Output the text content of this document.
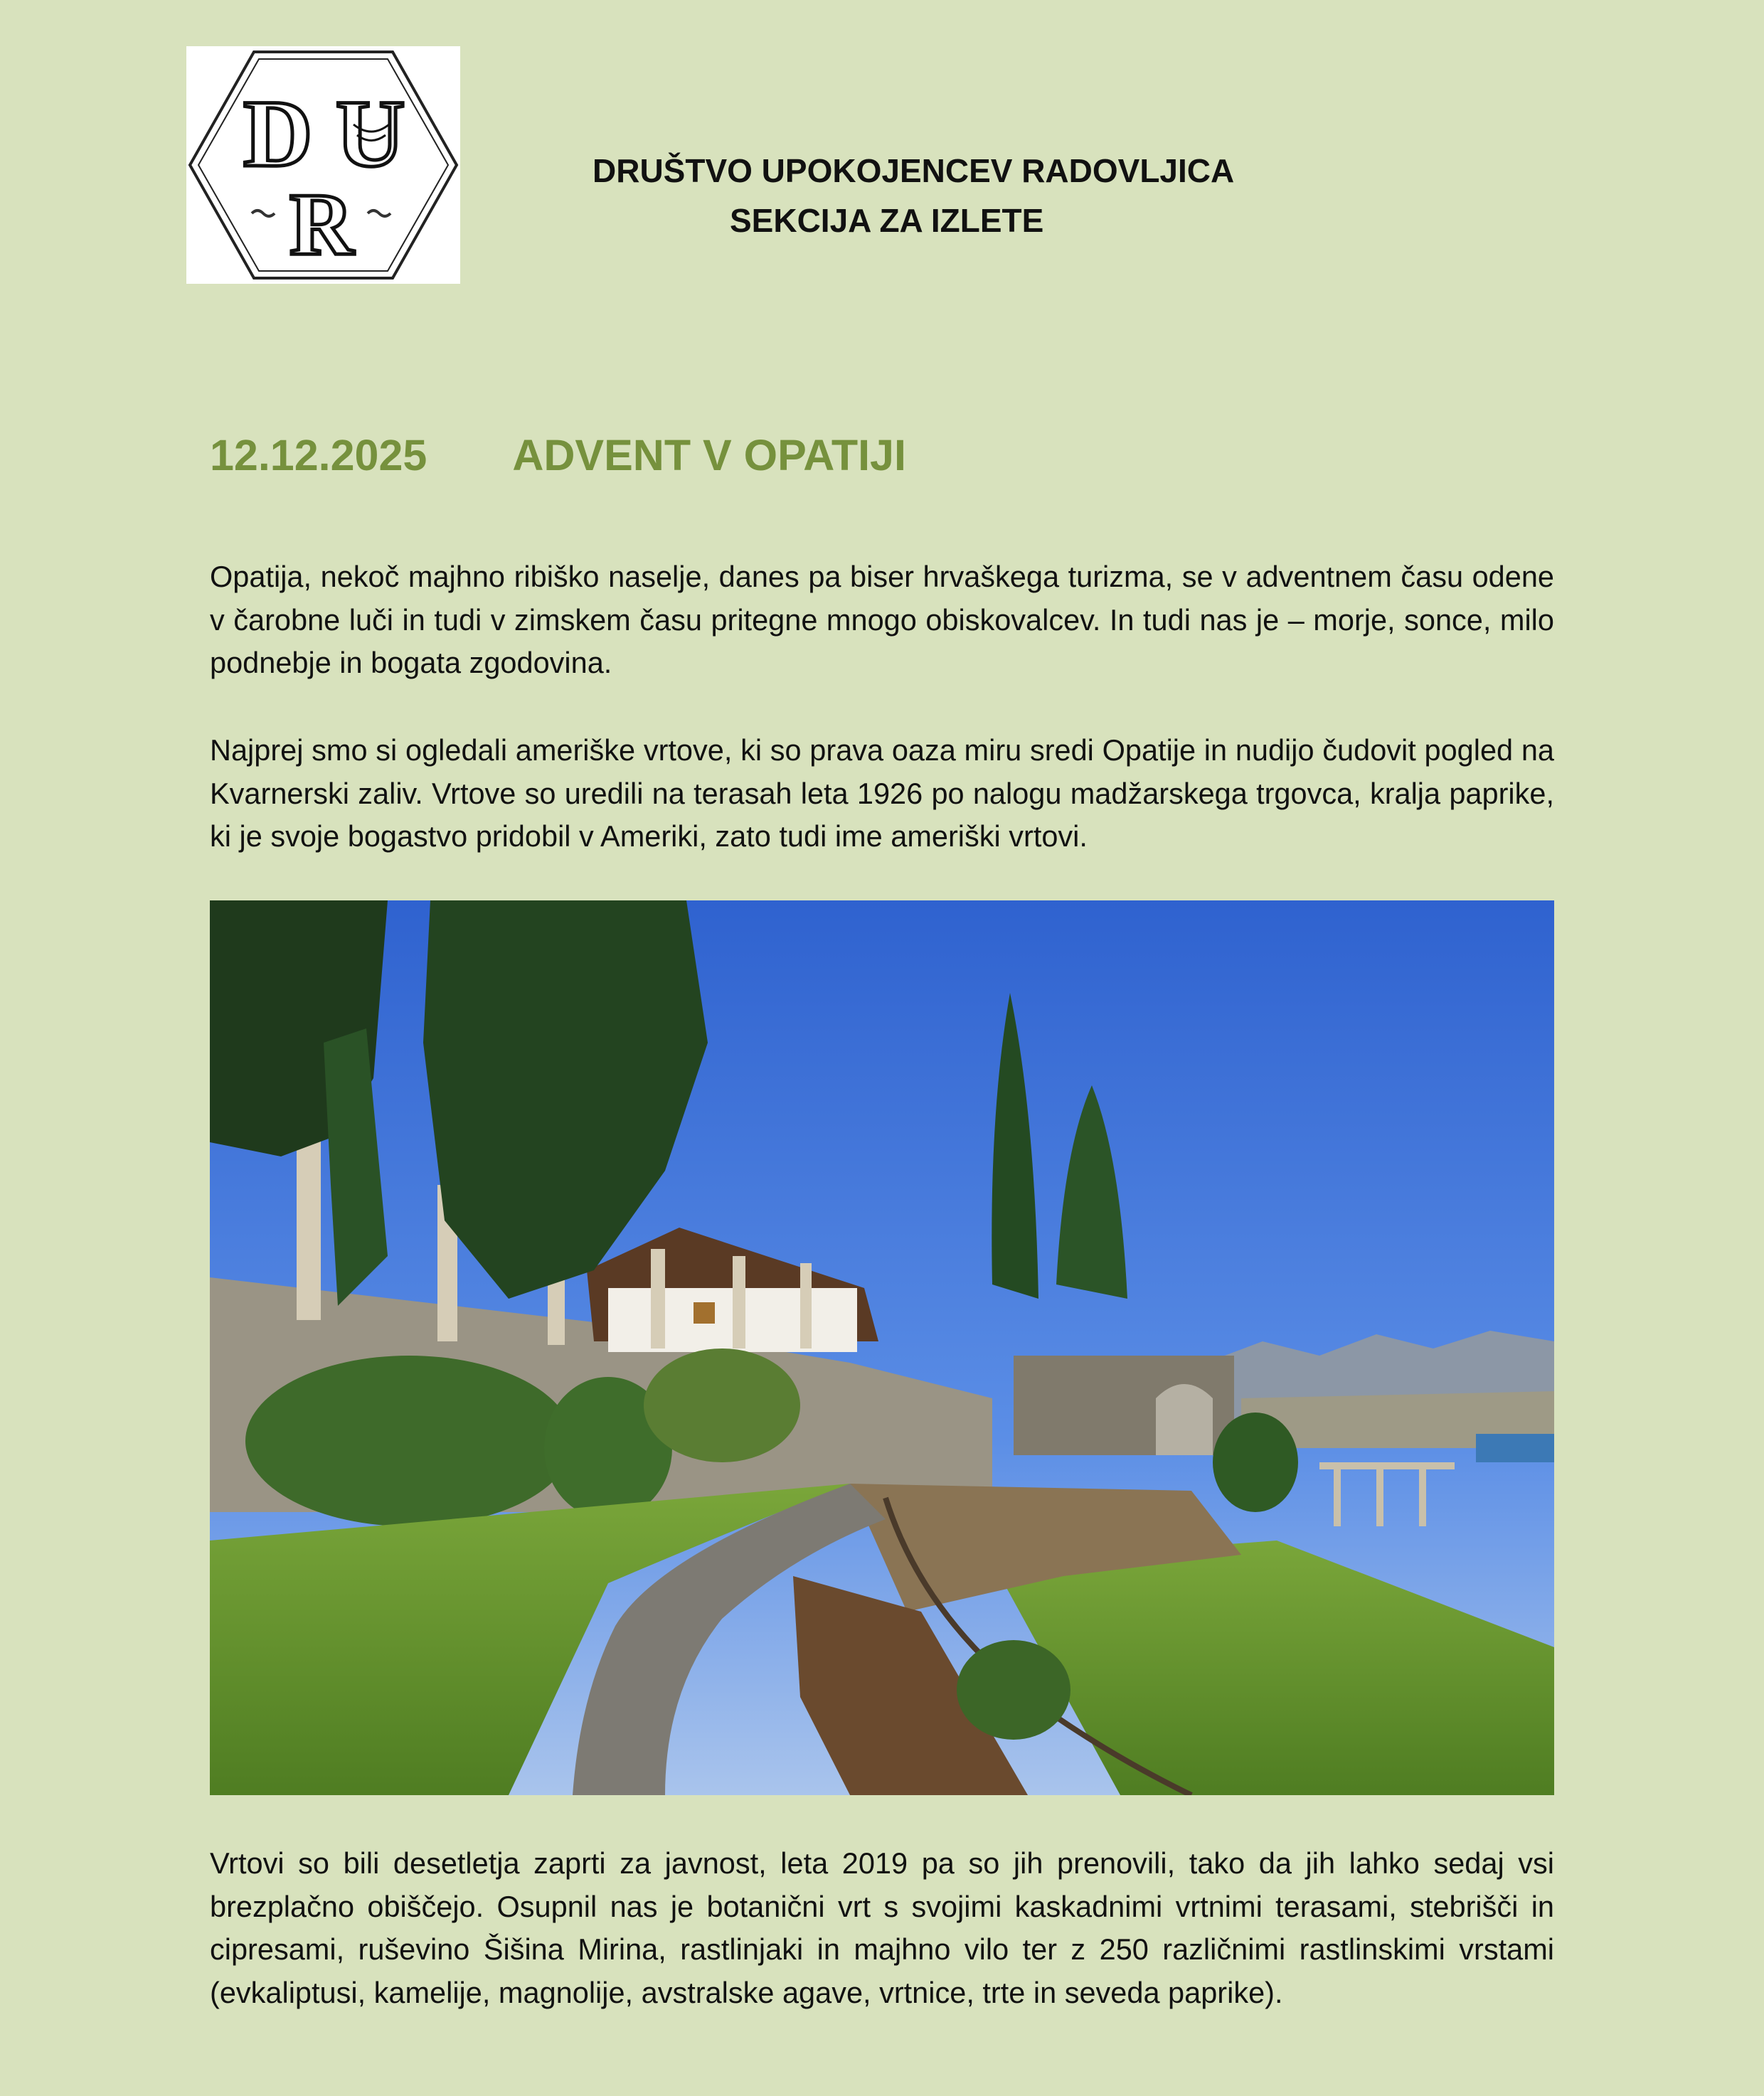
D U
R
DRUŠTVO UPOKOJENCEV RADOVLJICA
SEKCIJA ZA IZLETE
12.12.2025 ADVENT V OPATIJI

Opatija, nekoč majhno ribiško naselje, danes pa biser hrvaškega turizma, se v adventnem času odene v čarobne luči in tudi v zimskem času pritegne mnogo obiskovalcev. In tudi nas je – morje, sonce, milo podnebje in bogata zgodovina.

Najprej smo si ogledali ameriške vrtove, ki so prava oaza miru sredi Opatije in nudijo čudovit pogled na Kvarnerski zaliv. Vrtove so uredili na terasah leta 1926 po nalogu madžarskega trgovca, kralja paprike, ki je svoje bogastvo pridobil v Ameriki, zato tudi ime ameriški vrtovi.

Vrtovi so bili desetletja zaprti za javnost, leta 2019 pa so jih prenovili, tako da jih lahko sedaj vsi brezplačno obiščejo. Osupnil nas je botanični vrt s svojimi kaskadnimi vrtnimi terasami, stebrišči in cipresami, ruševino Šišina Mirina, rastlinjaki in majhno vilo ter z 250 različnimi rastlinskimi vrstami (evkaliptusi, kamelije, magnolije, avstralske agave, vrtnice, trte in seveda paprike).
